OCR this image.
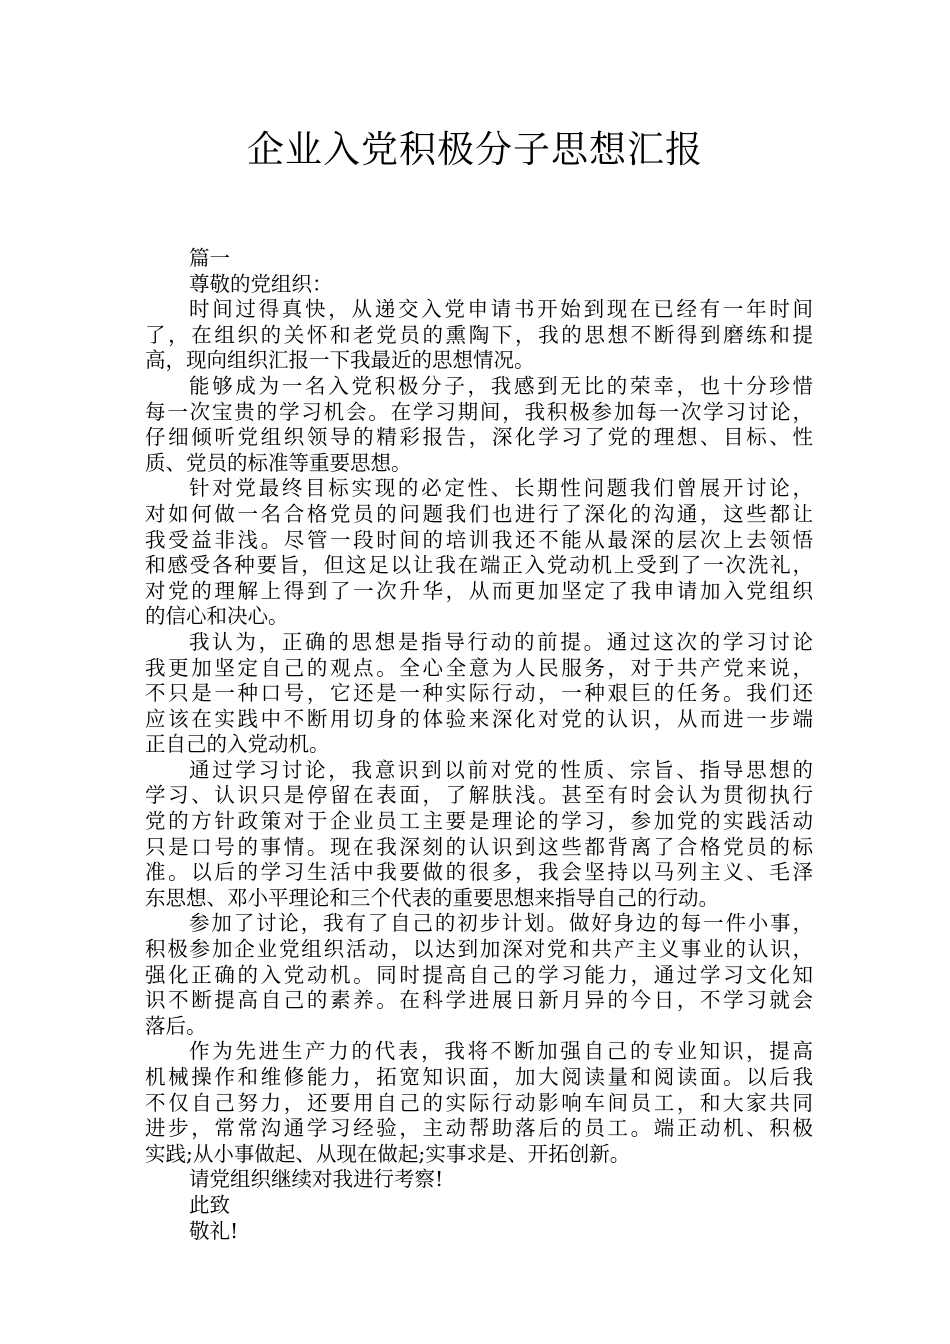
企业入党积极分子思想汇报
篇一
尊敬的党组织：
时间过得真快，从递交入党申请书开始到现在已经有一年时间
了，在组织的关怀和老党员的熏陶下，我的思想不断得到磨练和提
高，现向组织汇报一下我最近的思想情况。
能够成为一名入党积极分子，我感到无比的荣幸，也十分珍惜
每一次宝贵的学习机会。在学习期间，我积极参加每一次学习讨论，
仔细倾听党组织领导的精彩报告，深化学习了党的理想、目标、性
质、党员的标准等重要思想。
针对党最终目标实现的必定性、长期性问题我们曾展开讨论，
对如何做一名合格党员的问题我们也进行了深化的沟通，这些都让
我受益非浅。尽管一段时间的培训我还不能从最深的层次上去领悟
和感受各种要旨，但这足以让我在端正入党动机上受到了一次洗礼，
对党的理解上得到了一次升华，从而更加坚定了我申请加入党组织
的信心和决心。
我认为，正确的思想是指导行动的前提。通过这次的学习讨论
我更加坚定自己的观点。全心全意为人民服务，对于共产党来说，
不只是一种口号，它还是一种实际行动，一种艰巨的任务。我们还
应该在实践中不断用切身的体验来深化对党的认识，从而进一步端
正自己的入党动机。
通过学习讨论，我意识到以前对党的性质、宗旨、指导思想的
学习、认识只是停留在表面，了解肤浅。甚至有时会认为贯彻执行
党的方针政策对于企业员工主要是理论的学习，参加党的实践活动
只是口号的事情。现在我深刻的认识到这些都背离了合格党员的标
准。以后的学习生活中我要做的很多，我会坚持以马列主义、毛泽
东思想、邓小平理论和三个代表的重要思想来指导自己的行动。
参加了讨论，我有了自己的初步计划。做好身边的每一件小事，
积极参加企业党组织活动，以达到加深对党和共产主义事业的认识，
强化正确的入党动机。同时提高自己的学习能力，通过学习文化知
识不断提高自己的素养。在科学进展日新月异的今日，不学习就会
落后。
作为先进生产力的代表，我将不断加强自己的专业知识，提高
机械操作和维修能力，拓宽知识面，加大阅读量和阅读面。以后我
不仅自己努力，还要用自己的实际行动影响车间员工，和大家共同
进步，常常沟通学习经验，主动帮助落后的员工。端正动机、积极
实践;从小事做起、从现在做起;实事求是、开拓创新。
请党组织继续对我进行考察!
此致
敬礼!
